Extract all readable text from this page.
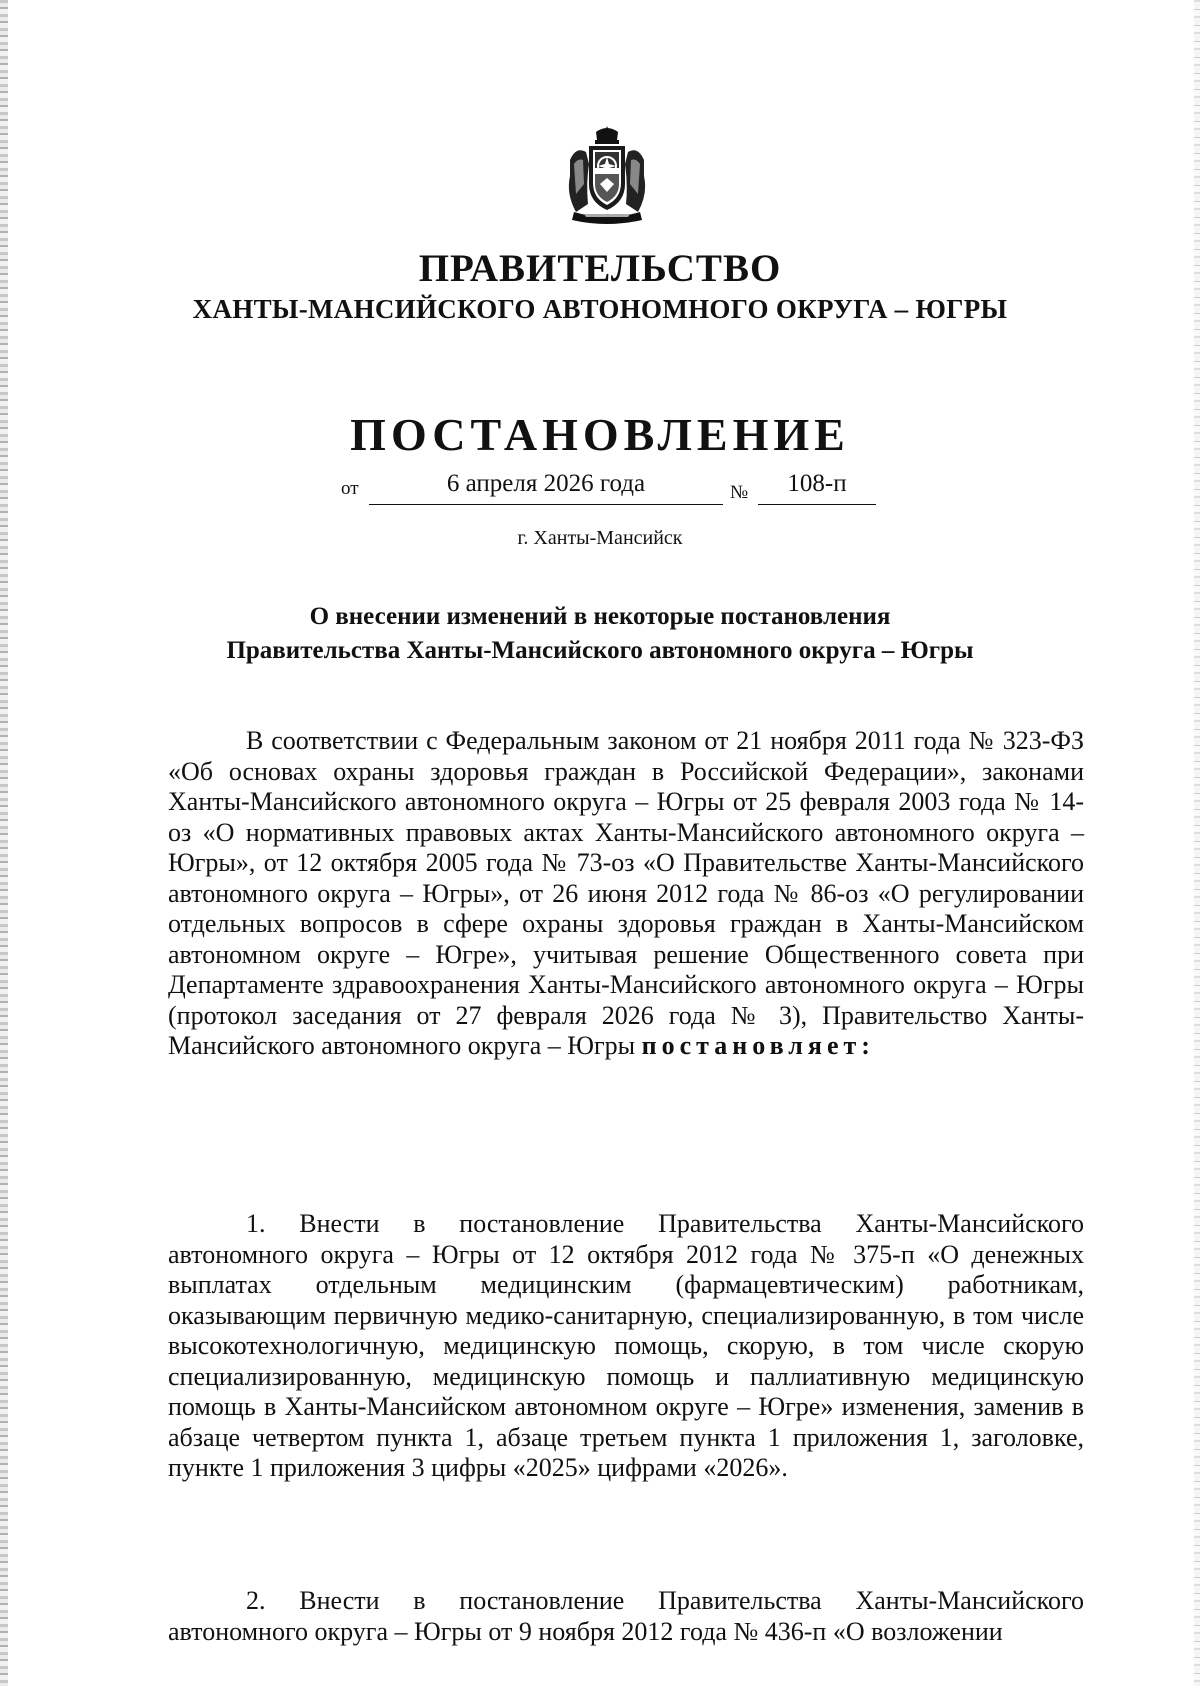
ПРАВИТЕЛЬСТВО
ХАНТЫ-МАНСИЙСКОГО АВТОНОМНОГО ОКРУГА – ЮГРЫ
ПОСТАНОВЛЕНИЕ
от	6 апреля 2026 года	№	108-п
г. Ханты-Мансийск
О внесении изменений в некоторые постановления
Правительства Ханты-Мансийского автономного округа – Югры

В соответствии с Федеральным законом от 21 ноября 2011 года № 323-ФЗ «Об основах охраны здоровья граждан в Российской Федерации», законами Ханты-Мансийского автономного округа – Югры от 25 февраля 2003 года № 14-оз «О нормативных правовых актах Ханты-Мансийского автономного округа – Югры», от 12 октября 2005 года № 73-оз «О Правительстве Ханты-Мансийского автономного округа – Югры», от 26 июня 2012 года № 86-оз «О регулировании отдельных вопросов в сфере охраны здоровья граждан в Ханты-Мансийском автономном округе – Югре», учитывая решение Общественного совета при Департаменте здравоохранения Ханты-Мансийского автономного округа – Югры (протокол заседания от 27 февраля 2026 года № 3), Правительство Ханты-Мансийского автономного округа – Югры постановляет:

1. Внести в постановление Правительства Ханты-Мансийского автономного округа – Югры от 12 октября 2012 года № 375-п «О денежных выплатах отдельным медицинским (фармацевтическим) работникам, оказывающим первичную медико-санитарную, специализированную, в том числе высокотехнологичную, медицинскую помощь, скорую, в том числе скорую специализированную, медицинскую помощь и паллиативную медицинскую помощь в Ханты-Мансийском автономном округе – Югре» изменения, заменив в абзаце четвертом пункта 1, абзаце третьем пункта 1 приложения 1, заголовке, пункте 1 приложения 3 цифры «2025» цифрами «2026».

2. Внести в постановление Правительства Ханты-Мансийского автономного округа – Югры от 9 ноября 2012 года № 436-п «О возложении
